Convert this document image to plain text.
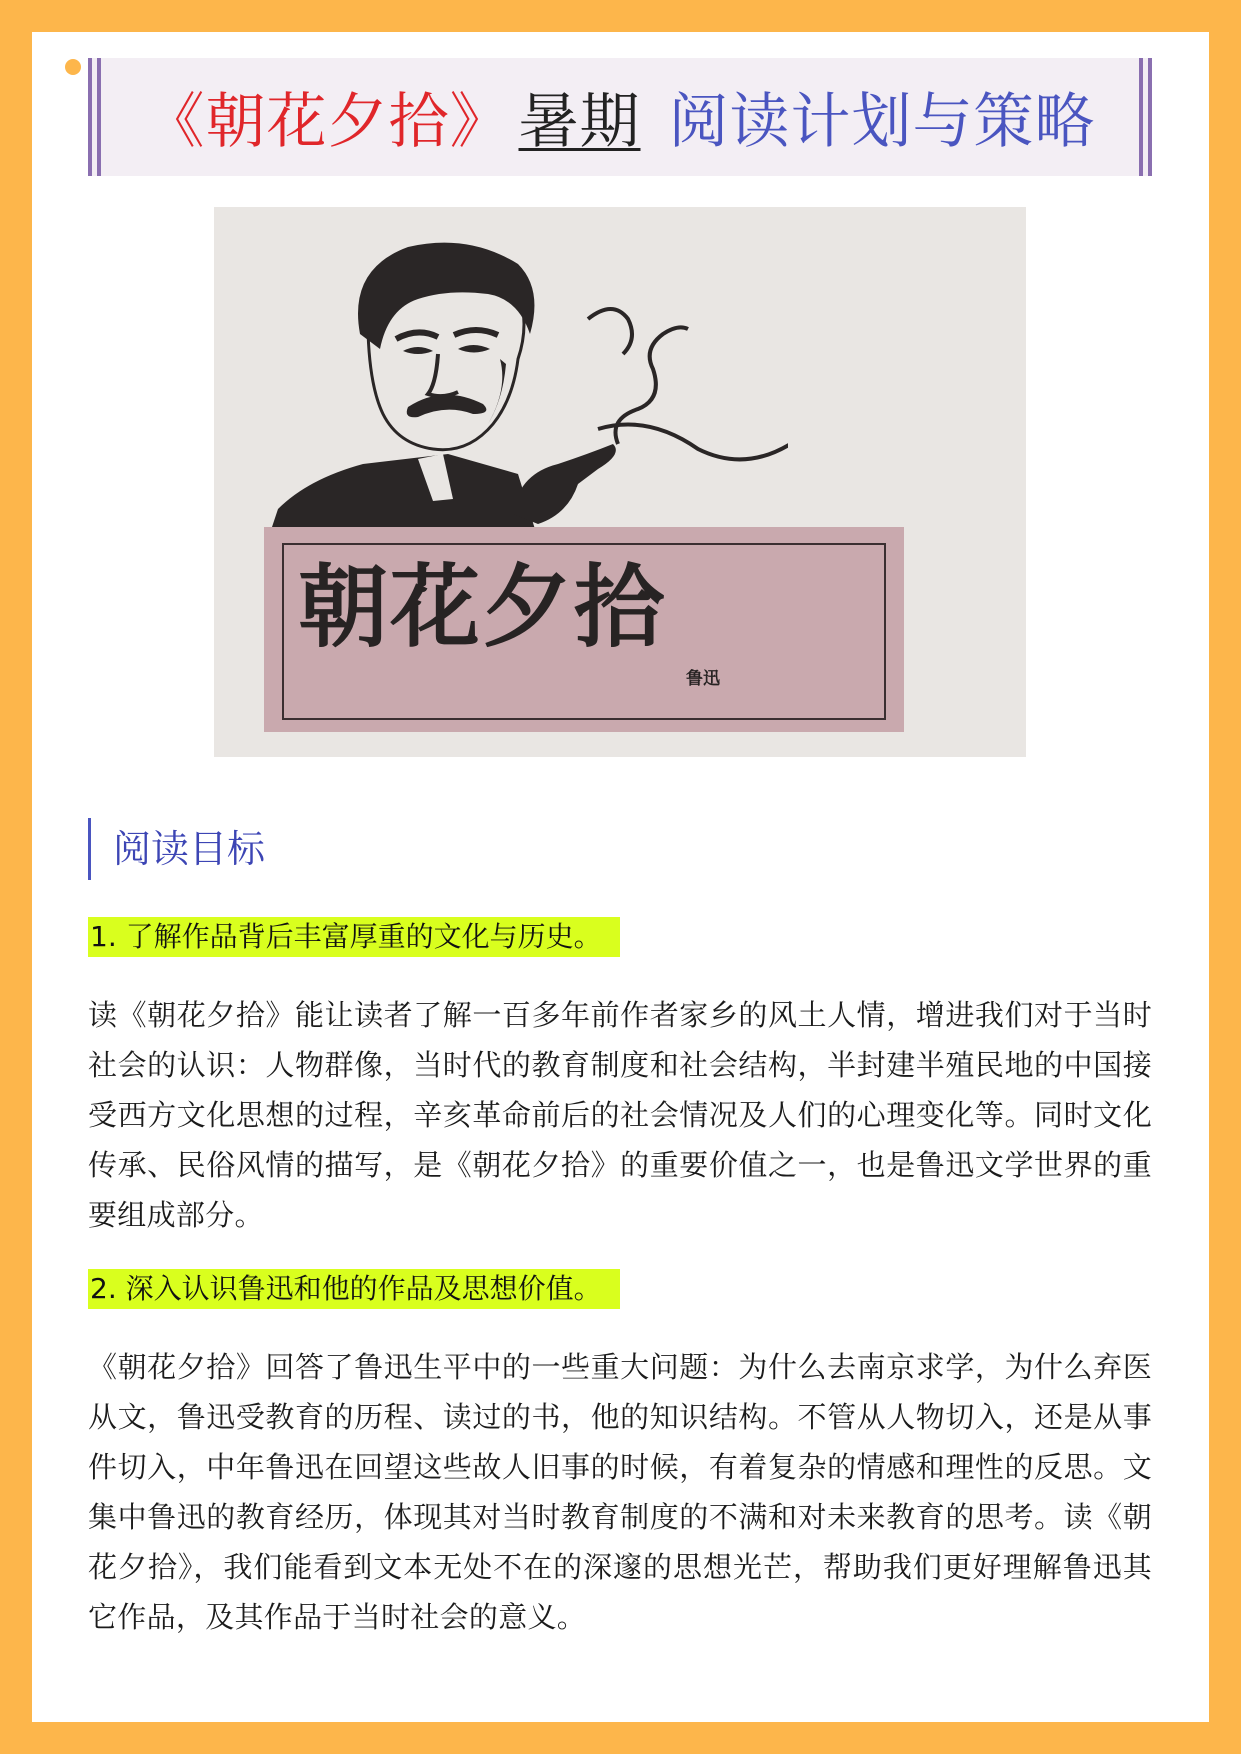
《朝花夕拾》 暑期 阅读计划与策略
朝花夕拾
鲁迅
阅读目标
1. 了解作品背后丰富厚重的文化与历史。
读《朝花夕拾》能让读者了解一百多年前作者家乡的风土人情，增进我们对于当时社会的认识：人物群像，当时代的教育制度和社会结构，半封建半殖民地的中国接受西方文化思想的过程，辛亥革命前后的社会情况及人们的心理变化等。同时文化传承、民俗风情的描写，是《朝花夕拾》的重要价值之一，也是鲁迅文学世界的重要组成部分。
2. 深入认识鲁迅和他的作品及思想价值。
《朝花夕拾》回答了鲁迅生平中的一些重大问题：为什么去南京求学，为什么弃医从文，鲁迅受教育的历程、读过的书，他的知识结构。不管从人物切入，还是从事件切入，中年鲁迅在回望这些故人旧事的时候，有着复杂的情感和理性的反思。文集中鲁迅的教育经历，体现其对当时教育制度的不满和对未来教育的思考。读《朝花夕拾》，我们能看到文本无处不在的深邃的思想光芒，帮助我们更好理解鲁迅其它作品，及其作品于当时社会的意义。
